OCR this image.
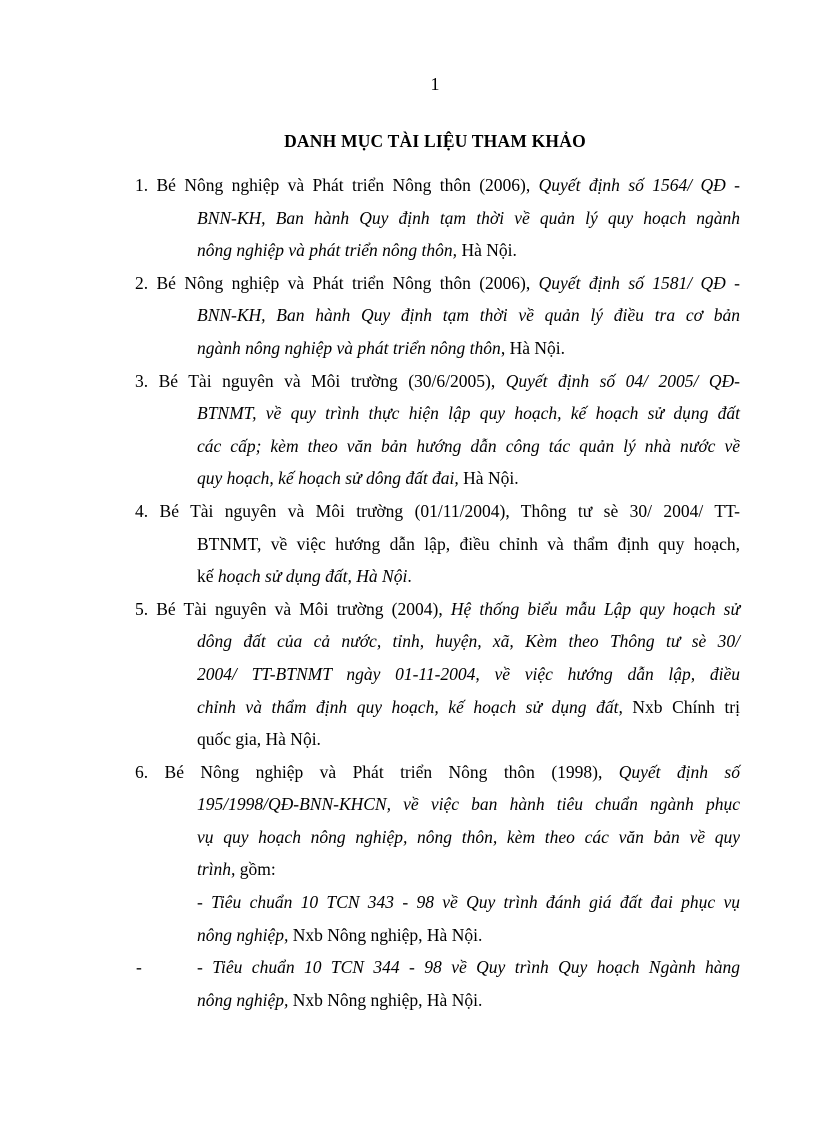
1
DANH MỤC TÀI LIỆU THAM KHẢO
1. Bé Nông nghiệp và Phát triển Nông thôn (2006), Quyết định số 1564/ QĐ -
BNN-KH, Ban hành Quy định tạm thời về quản lý quy hoạch ngành
nông nghiệp và phát triển nông thôn, Hà Nội.
2. Bé Nông nghiệp và Phát triển Nông thôn (2006), Quyết định số 1581/ QĐ -
BNN-KH, Ban hành Quy định tạm thời về quản lý điều tra cơ bản
ngành nông nghiệp và phát triển nông thôn, Hà Nội.
3. Bé Tài nguyên và Môi trường (30/6/2005), Quyết định số 04/ 2005/ QĐ-
BTNMT, về quy trình thực hiện lập quy hoạch, kế hoạch sử dụng đất
các cấp; kèm theo văn bản hướng dẫn công tác quản lý nhà nước về
quy hoạch, kế hoạch sử dông đất đai, Hà Nội.
4. Bé Tài nguyên và Môi trường (01/11/2004), Thông tư sè 30/ 2004/ TT-
BTNMT, về việc hướng dẫn lập, điều chỉnh và thẩm định quy hoạch,
kế hoạch sử dụng đất, Hà Nội.
5. Bé Tài nguyên và Môi trường (2004), Hệ thống biểu mẫu Lập quy hoạch sử
dông đất của cả nước, tỉnh, huyện, xã, Kèm theo Thông tư sè 30/
2004/ TT-BTNMT ngày 01-11-2004, về việc hướng dẫn lập, điều
chỉnh và thẩm định quy hoạch, kế hoạch sử dụng đất, Nxb Chính trị
quốc gia, Hà Nội.
6. Bé Nông nghiệp và Phát triển Nông thôn (1998), Quyết định số
195/1998/QĐ-BNN-KHCN, về việc ban hành tiêu chuẩn ngành phục
vụ quy hoạch nông nghiệp, nông thôn, kèm theo các văn bản về quy
trình, gồm:
- Tiêu chuẩn 10 TCN 343 - 98 về Quy trình đánh giá đất đai phục vụ
nông nghiệp, Nxb Nông nghiệp, Hà Nội.
-	- Tiêu chuẩn 10 TCN 344 - 98 về Quy trình Quy hoạch Ngành hàng
nông nghiệp, Nxb Nông nghiệp, Hà Nội.
